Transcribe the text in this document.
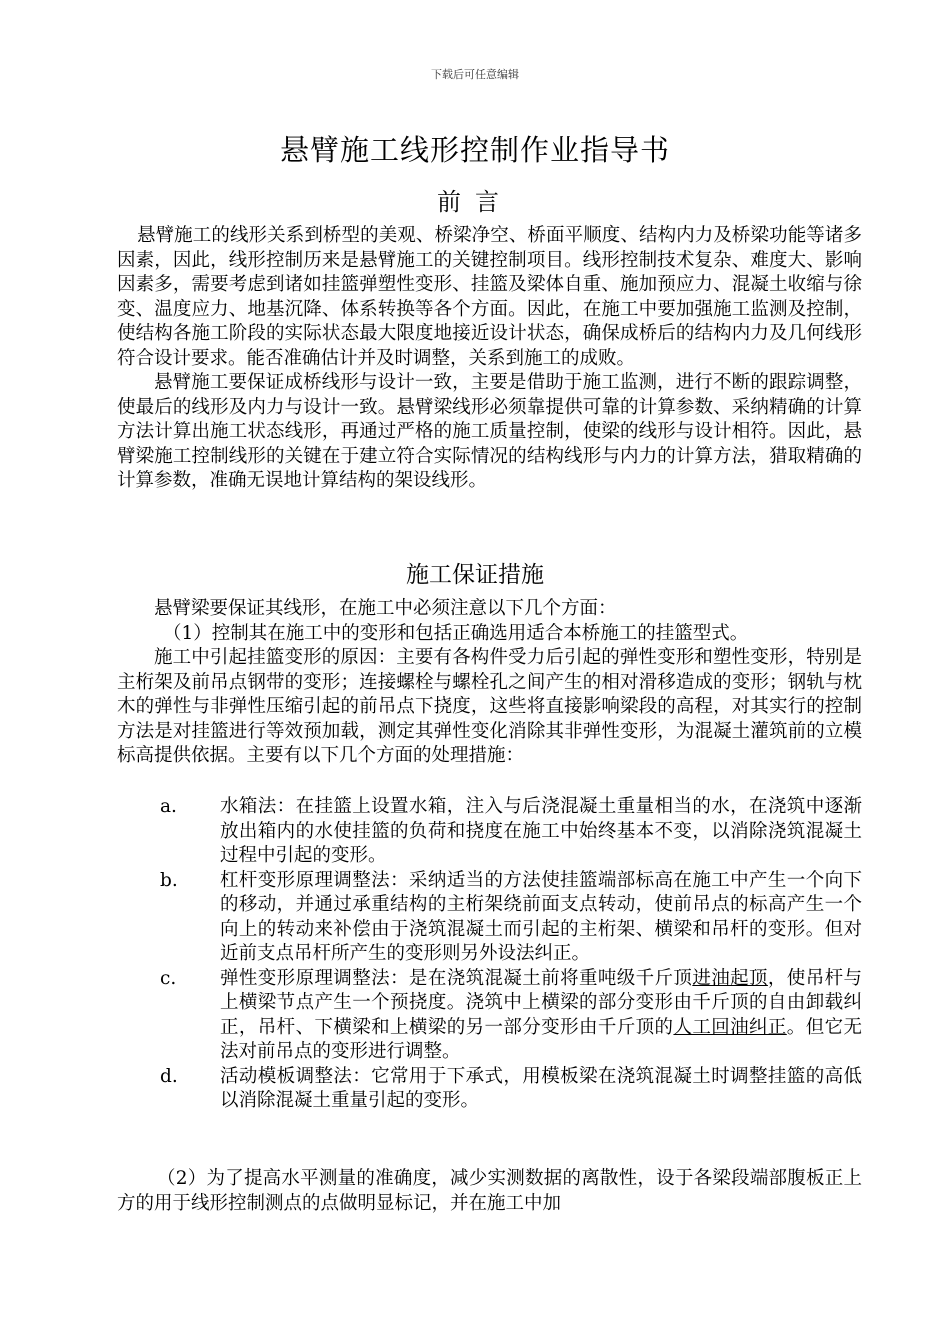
下载后可任意编辑
悬臂施工线形控制作业指导书
前言

悬臂施工的线形关系到桥型的美观、桥梁净空、桥面平顺度、结构内力及桥梁功能等诸多因素，因此，线形控制历来是悬臂施工的关键控制项目。线形控制技术复杂、难度大、影响因素多，需要考虑到诸如挂篮弹塑性变形、挂篮及梁体自重、施加预应力、混凝土收缩与徐变、温度应力、地基沉降、体系转换等各个方面。因此，在施工中要加强施工监测及控制，使结构各施工阶段的实际状态最大限度地接近设计状态，确保成桥后的结构内力及几何线形符合设计要求。能否准确估计并及时调整，关系到施工的成败。

悬臂施工要保证成桥线形与设计一致，主要是借助于施工监测，进行不断的跟踪调整，使最后的线形及内力与设计一致。悬臂梁线形必须靠提供可靠的计算参数、采纳精确的计算方法计算出施工状态线形，再通过严格的施工质量控制，使梁的线形与设计相符。因此，悬臂梁施工控制线形的关键在于建立符合实际情况的结构线形与内力的计算方法，猎取精确的计算参数，准确无误地计算结构的架设线形。

施工保证措施

悬臂梁要保证其线形，在施工中必须注意以下几个方面：

（1）控制其在施工中的变形和包括正确选用适合本桥施工的挂篮型式。

施工中引起挂篮变形的原因：主要有各构件受力后引起的弹性变形和塑性变形，特别是主桁架及前吊点钢带的变形；连接螺栓与螺栓孔之间产生的相对滑移造成的变形；钢轨与枕木的弹性与非弹性压缩引起的前吊点下挠度，这些将直接影响梁段的高程，对其实行的控制方法是对挂篮进行等效预加载，测定其弹性变化消除其非弹性变形，为混凝土灌筑前的立模标高提供依据。主要有以下几个方面的处理措施：

a.	水箱法：在挂篮上设置水箱，注入与后浇混凝土重量相当的水，在浇筑中逐渐放出箱内的水使挂篮的负荷和挠度在施工中始终基本不变，以消除浇筑混凝土过程中引起的变形。
b.	杠杆变形原理调整法：采纳适当的方法使挂篮端部标高在施工中产生一个向下的移动，并通过承重结构的主桁架绕前面支点转动，使前吊点的标高产生一个向上的转动来补偿由于浇筑混凝土而引起的主桁架、横梁和吊杆的变形。但对近前支点吊杆所产生的变形则另外设法纠正。
c.	弹性变形原理调整法：是在浇筑混凝土前将重吨级千斤顶进油起顶，使吊杆与上横梁节点产生一个预挠度。浇筑中上横梁的部分变形由千斤顶的自由卸载纠正，吊杆、下横梁和上横梁的另一部分变形由千斤顶的人工回油纠正。但它无法对前吊点的变形进行调整。
d.	活动模板调整法：它常用于下承式，用模板梁在浇筑混凝土时调整挂篮的高低以消除混凝土重量引起的变形。

（2）为了提高水平测量的准确度，减少实测数据的离散性，设于各梁段端部腹板正上方的用于线形控制测点的点做明显标记，并在施工中加
